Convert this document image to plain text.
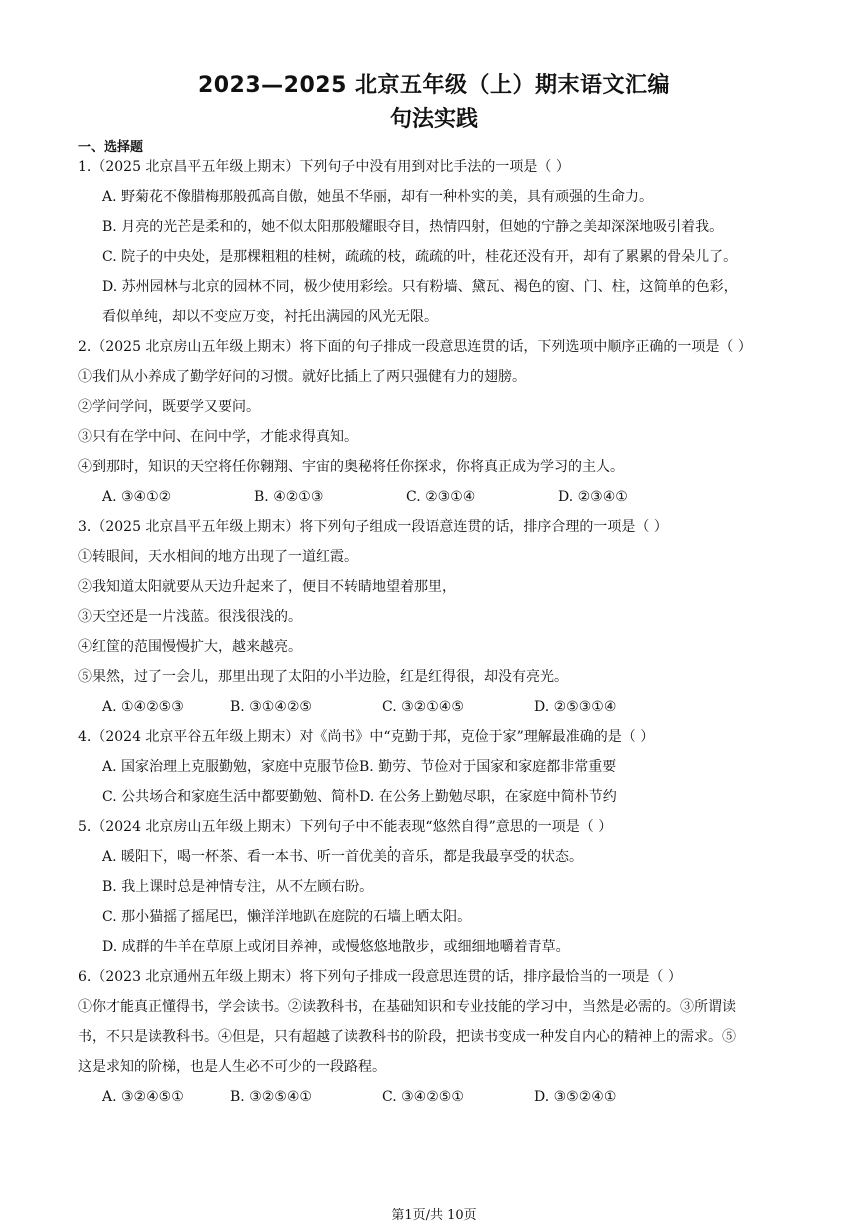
2023—2025 北京五年级（上）期末语文汇编
句法实践
一、选择题
1.（2025 北京昌平五年级上期末）下列句子中没有用到对比手法的一项是（ ）
A. 野菊花不像腊梅那般孤高自傲，她虽不华丽，却有一种朴实的美，具有顽强的生命力。
B. 月亮的光芒是柔和的，她不似太阳那般耀眼夺目，热情四射，但她的宁静之美却深深地吸引着我。
C. 院子的中央处，是那棵粗粗的桂树，疏疏的枝，疏疏的叶，桂花还没有开，却有了累累的骨朵儿了。
D. 苏州园林与北京的园林不同，极少使用彩绘。只有粉墙、黛瓦、褐色的窗、门、柱，这简单的色彩，
看似单纯，却以不变应万变，衬托出满园的风光无限。
2.（2025 北京房山五年级上期末）将下面的句子排成一段意思连贯的话，下列选项中顺序正确的一项是（ ）
①我们从小养成了勤学好问的习惯。就好比插上了两只强健有力的翅膀。
②学问学问，既要学又要问。
③只有在学中问、在问中学，才能求得真知。
④到那时，知识的天空将任你翱翔、宇宙的奥秘将任你探求，你将真正成为学习的主人。
A. ③④①②	B. ④②①③	C. ②③①④	D. ②③④①
3.（2025 北京昌平五年级上期末）将下列句子组成一段语意连贯的话，排序合理的一项是（ ）
①转眼间，天水相间的地方出现了一道红霞。
②我知道太阳就要从天边升起来了，便目不转睛地望着那里，
③天空还是一片浅蓝。很浅很浅的。
④红筐的范围慢慢扩大，越来越亮。
⑤果然，过了一会儿，那里出现了太阳的小半边脸，红是红得很，却没有亮光。
A. ①④②⑤③	B. ③①④②⑤	C. ③②①④⑤	D. ②⑤③①④
4.（2024 北京平谷五年级上期末）对《尚书》中“克勤于邦，克俭于家”理解最准确的是（ ）
A. 国家治理上克服勤勉，家庭中克服节俭B. 勤劳、节俭对于国家和家庭都非常重要
C. 公共场合和家庭生活中都要勤勉、简朴D. 在公务上勤勉尽职，在家庭中简朴节约
5.（2024 北京房山五年级上期末）下列句子中不能表现“悠然自得”意思的一项是（ ）
A. 暖阳下，喝一杯茶、看一本书、听一首优美的音乐，都是我最享受的状态。
B. 我上课时总是神情专注，从不左顾右盼。
C. 那小猫摇了摇尾巴，懒洋洋地趴在庭院的石墙上晒太阳。
D. 成群的牛羊在草原上或闭目养神，或慢悠悠地散步，或细细地嚼着青草。
6.（2023 北京通州五年级上期末）将下列句子排成一段意思连贯的话，排序最恰当的一项是（ ）
①你才能真正懂得书，学会读书。②读教科书，在基础知识和专业技能的学习中，当然是必需的。③所谓读
书，不只是读教科书。④但是，只有超越了读教科书的阶段，把读书变成一种发自内心的精神上的需求。⑤
这是求知的阶梯，也是人生必不可少的一段路程。
A. ③②④⑤①	B. ③②⑤④①	C. ③④②⑤①	D. ③⑤②④①
第1页/共 10页
